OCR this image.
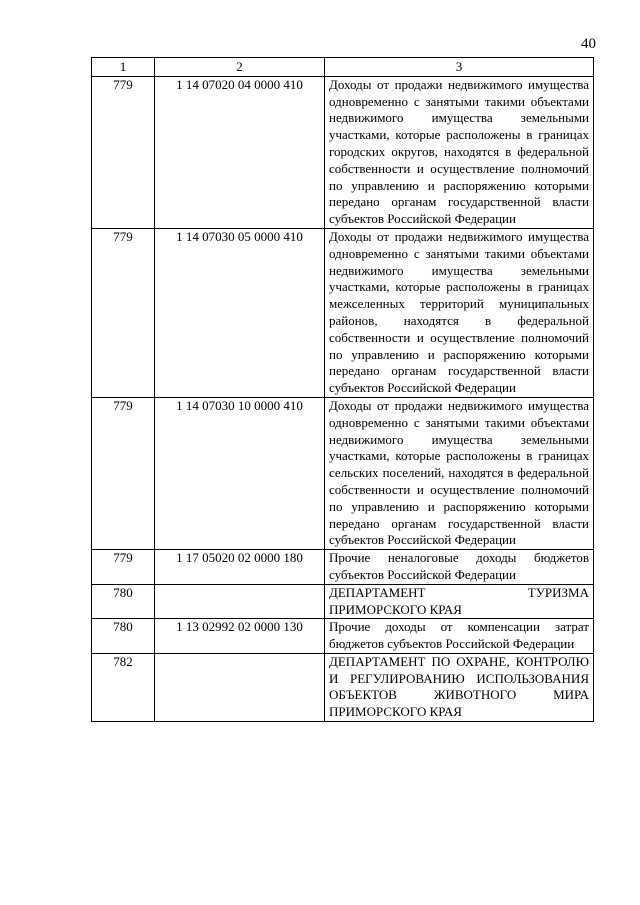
40
1	2	3
779	1 14 07020 04 0000 410	Доходы от продажи недвижимого имущества одновременно с занятыми такими объектами недвижимого имущества земельными участками, которые расположены в границах городских округов, находятся в федеральной собственности и осуществление полномочий по управлению и распоряжению которыми передано органам государственной власти субъектов Российской Федерации
779	1 14 07030 05 0000 410	Доходы от продажи недвижимого имущества одновременно с занятыми такими объектами недвижимого имущества земельными участками, которые расположены в границах межселенных территорий муниципальных районов, находятся в федеральной собственности и осуществление полномочий по управлению и распоряжению которыми передано органам государственной власти субъектов Российской Федерации
779	1 14 07030 10 0000 410	Доходы от продажи недвижимого имущества одновременно с занятыми такими объектами недвижимого имущества земельными участками, которые расположены в границах сельских поселений, находятся в федеральной собственности и осуществление полномочий по управлению и распоряжению которыми передано органам государственной власти субъектов Российской Федерации
779	1 17 05020 02 0000 180	Прочие неналоговые доходы бюджетов субъектов Российской Федерации
780		ДЕПАРТАМЕНТ ТУРИЗМА ПРИМОРСКОГО КРАЯ
780	1 13 02992 02 0000 130	Прочие доходы от компенсации затрат бюджетов субъектов Российской Федерации
782		ДЕПАРТАМЕНТ ПО ОХРАНЕ, КОНТРОЛЮ И РЕГУЛИРОВАНИЮ ИСПОЛЬЗОВАНИЯ ОБЪЕКТОВ ЖИВОТНОГО МИРА ПРИМОРСКОГО КРАЯ
